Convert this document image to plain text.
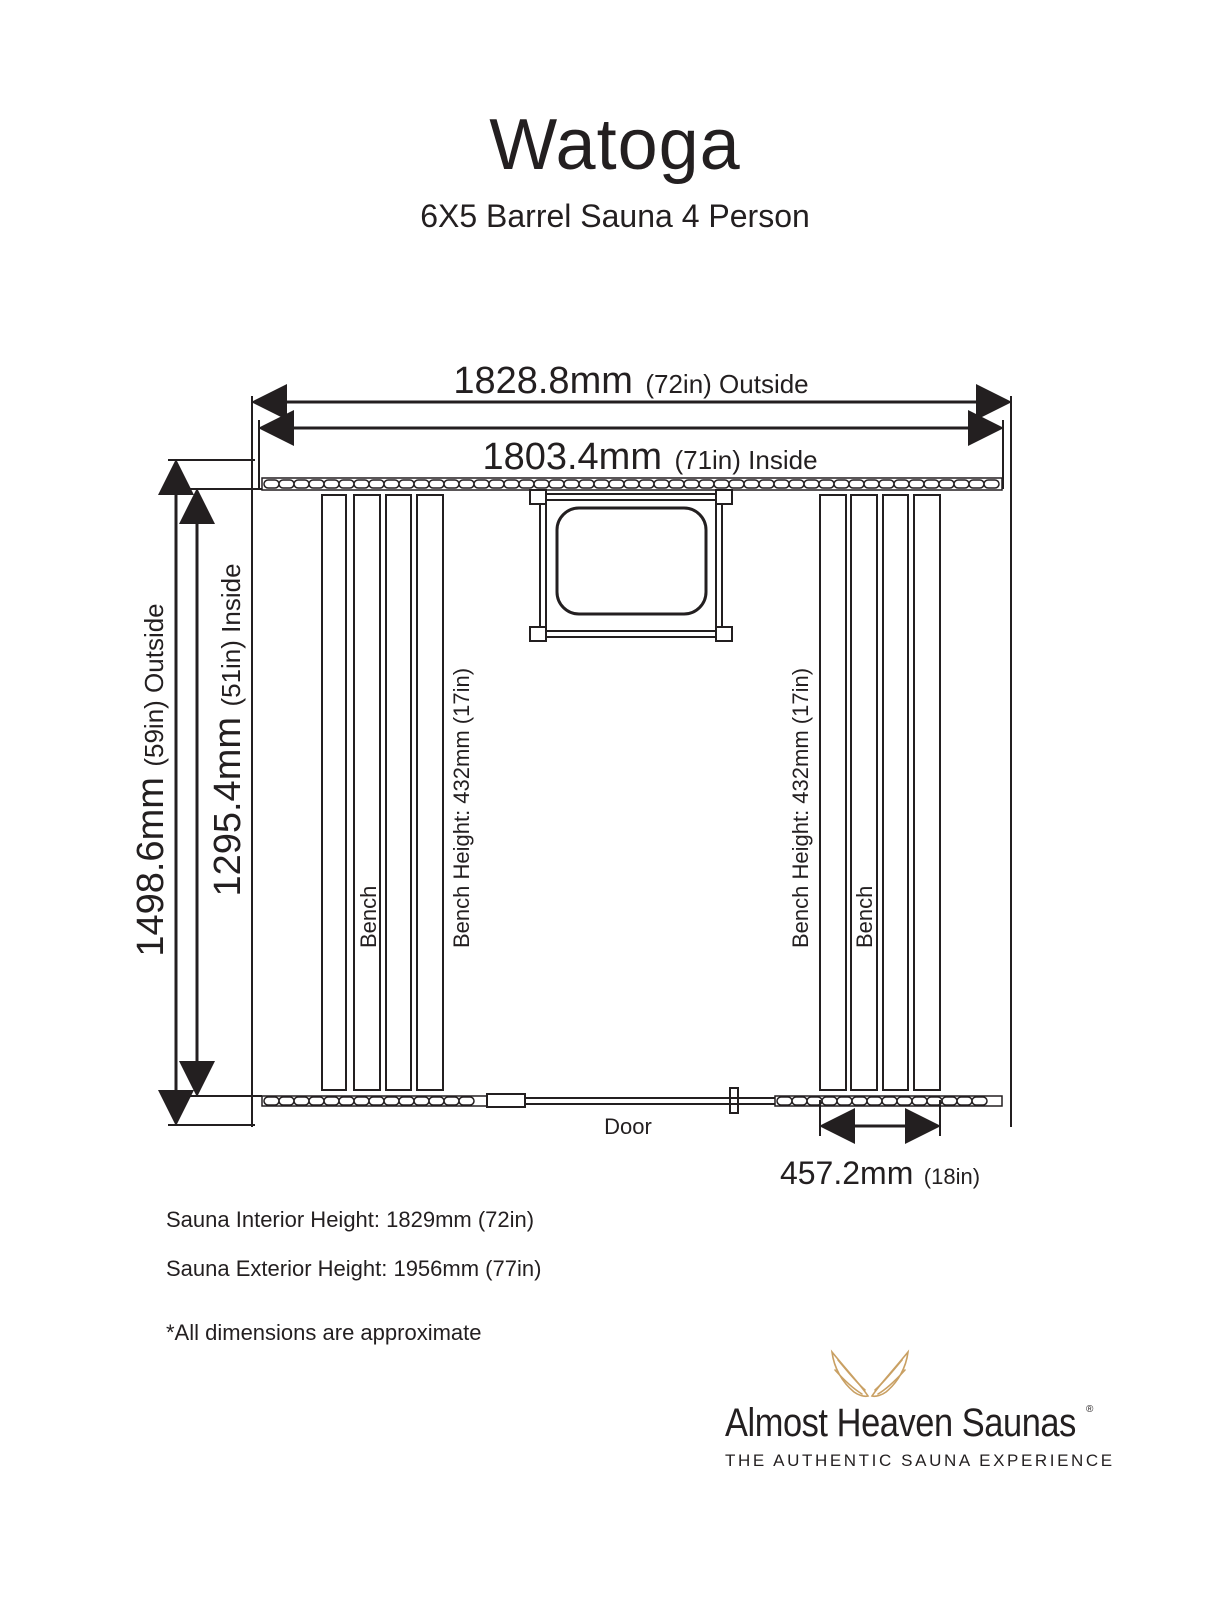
Watoga
6X5 Barrel Sauna 4 Person
1828.8mm (72in) Outside
1803.4mm (71in) Inside
1498.6mm (59in) Outside
1295.4mm (51in) Inside
457.2mm (18in)
Door
Bench	Bench
Bench Height: 432mm (17in)	Bench Height: 432mm (17in)
Sauna Interior Height: 1829mm (72in)
Sauna Exterior Height: 1956mm (77in)
*All dimensions are approximate
Almost Heaven Saunas ®
THE AUTHENTIC SAUNA EXPERIENCE
